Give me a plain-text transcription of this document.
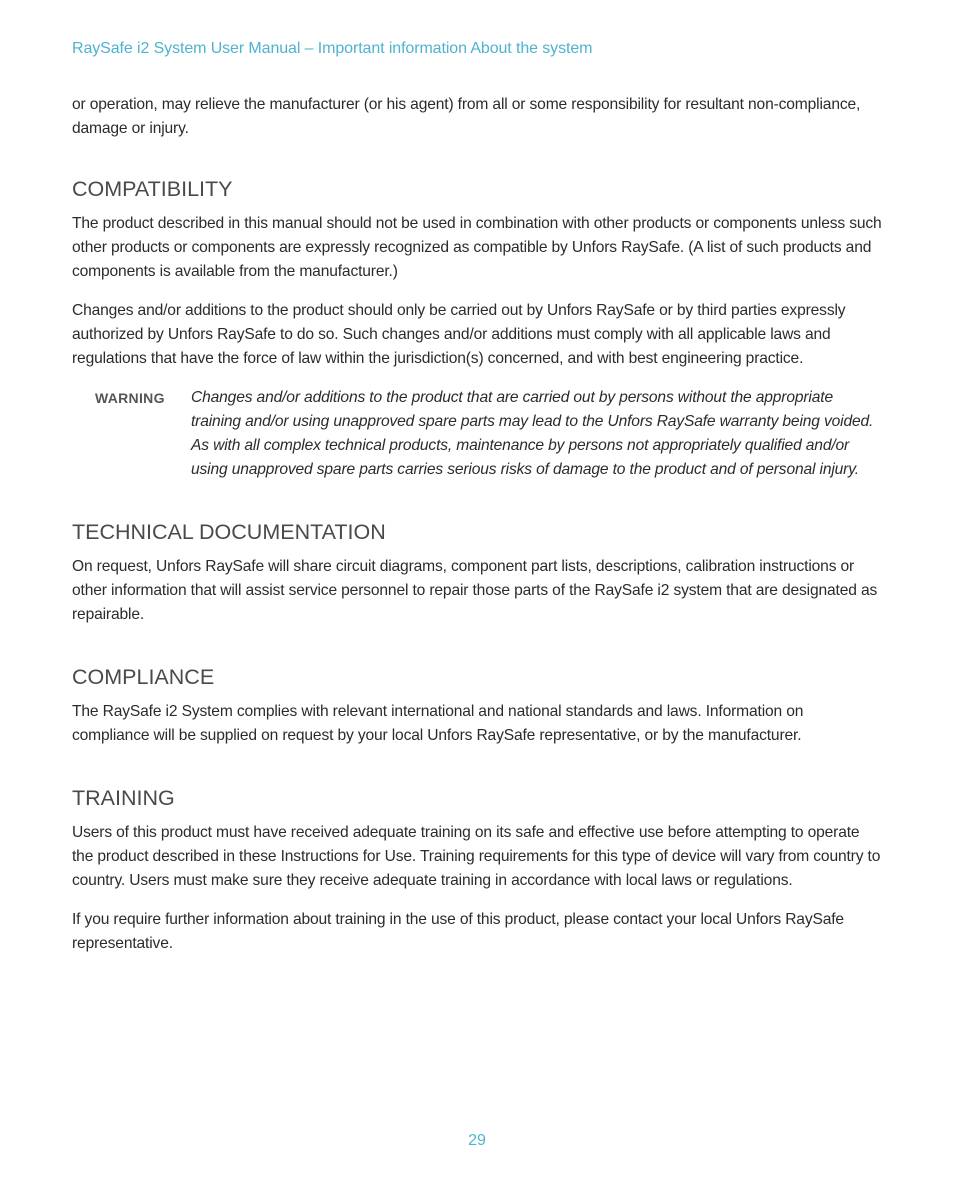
RaySafe i2 System User Manual – Important information About the system

or operation, may relieve the manufacturer (or his agent) from all or some responsibility for resultant non-compliance, damage or injury.

COMPATIBILITY

The product described in this manual should not be used in combination with other products or components unless such other products or components are expressly recognized as compatible by Unfors RaySafe. (A list of such products and components is available from the manufacturer.)

Changes and/or additions to the product should only be carried out by Unfors RaySafe or by third parties expressly authorized by Unfors RaySafe to do so. Such changes and/or additions must comply with all applicable laws and regulations that have the force of law within the jurisdiction(s) concerned, and with best engineering practice.

WARNING	Changes and/or additions to the product that are carried out by persons without the appropriate training and/or using unapproved spare parts may lead to the Unfors RaySafe warranty being voided. As with all complex technical products, maintenance by persons not appropriately qualified and/or using unapproved spare parts carries serious risks of damage to the product and of personal injury.
TECHNICAL DOCUMENTATION

On request, Unfors RaySafe will share circuit diagrams, component part lists, descriptions, calibration instructions or other information that will assist service personnel to repair those parts of the RaySafe i2 system that are designated as repairable.

COMPLIANCE

The RaySafe i2 System complies with relevant international and national standards and laws. Information on compliance will be supplied on request by your local Unfors RaySafe representative, or by the manufacturer.

TRAINING

Users of this product must have received adequate training on its safe and effective use before attempting to operate the product described in these Instructions for Use. Training requirements for this type of device will vary from country to country. Users must make sure they receive adequate training in accordance with local laws or regulations.

If you require further information about training in the use of this product, please contact your local Unfors RaySafe representative.

29
